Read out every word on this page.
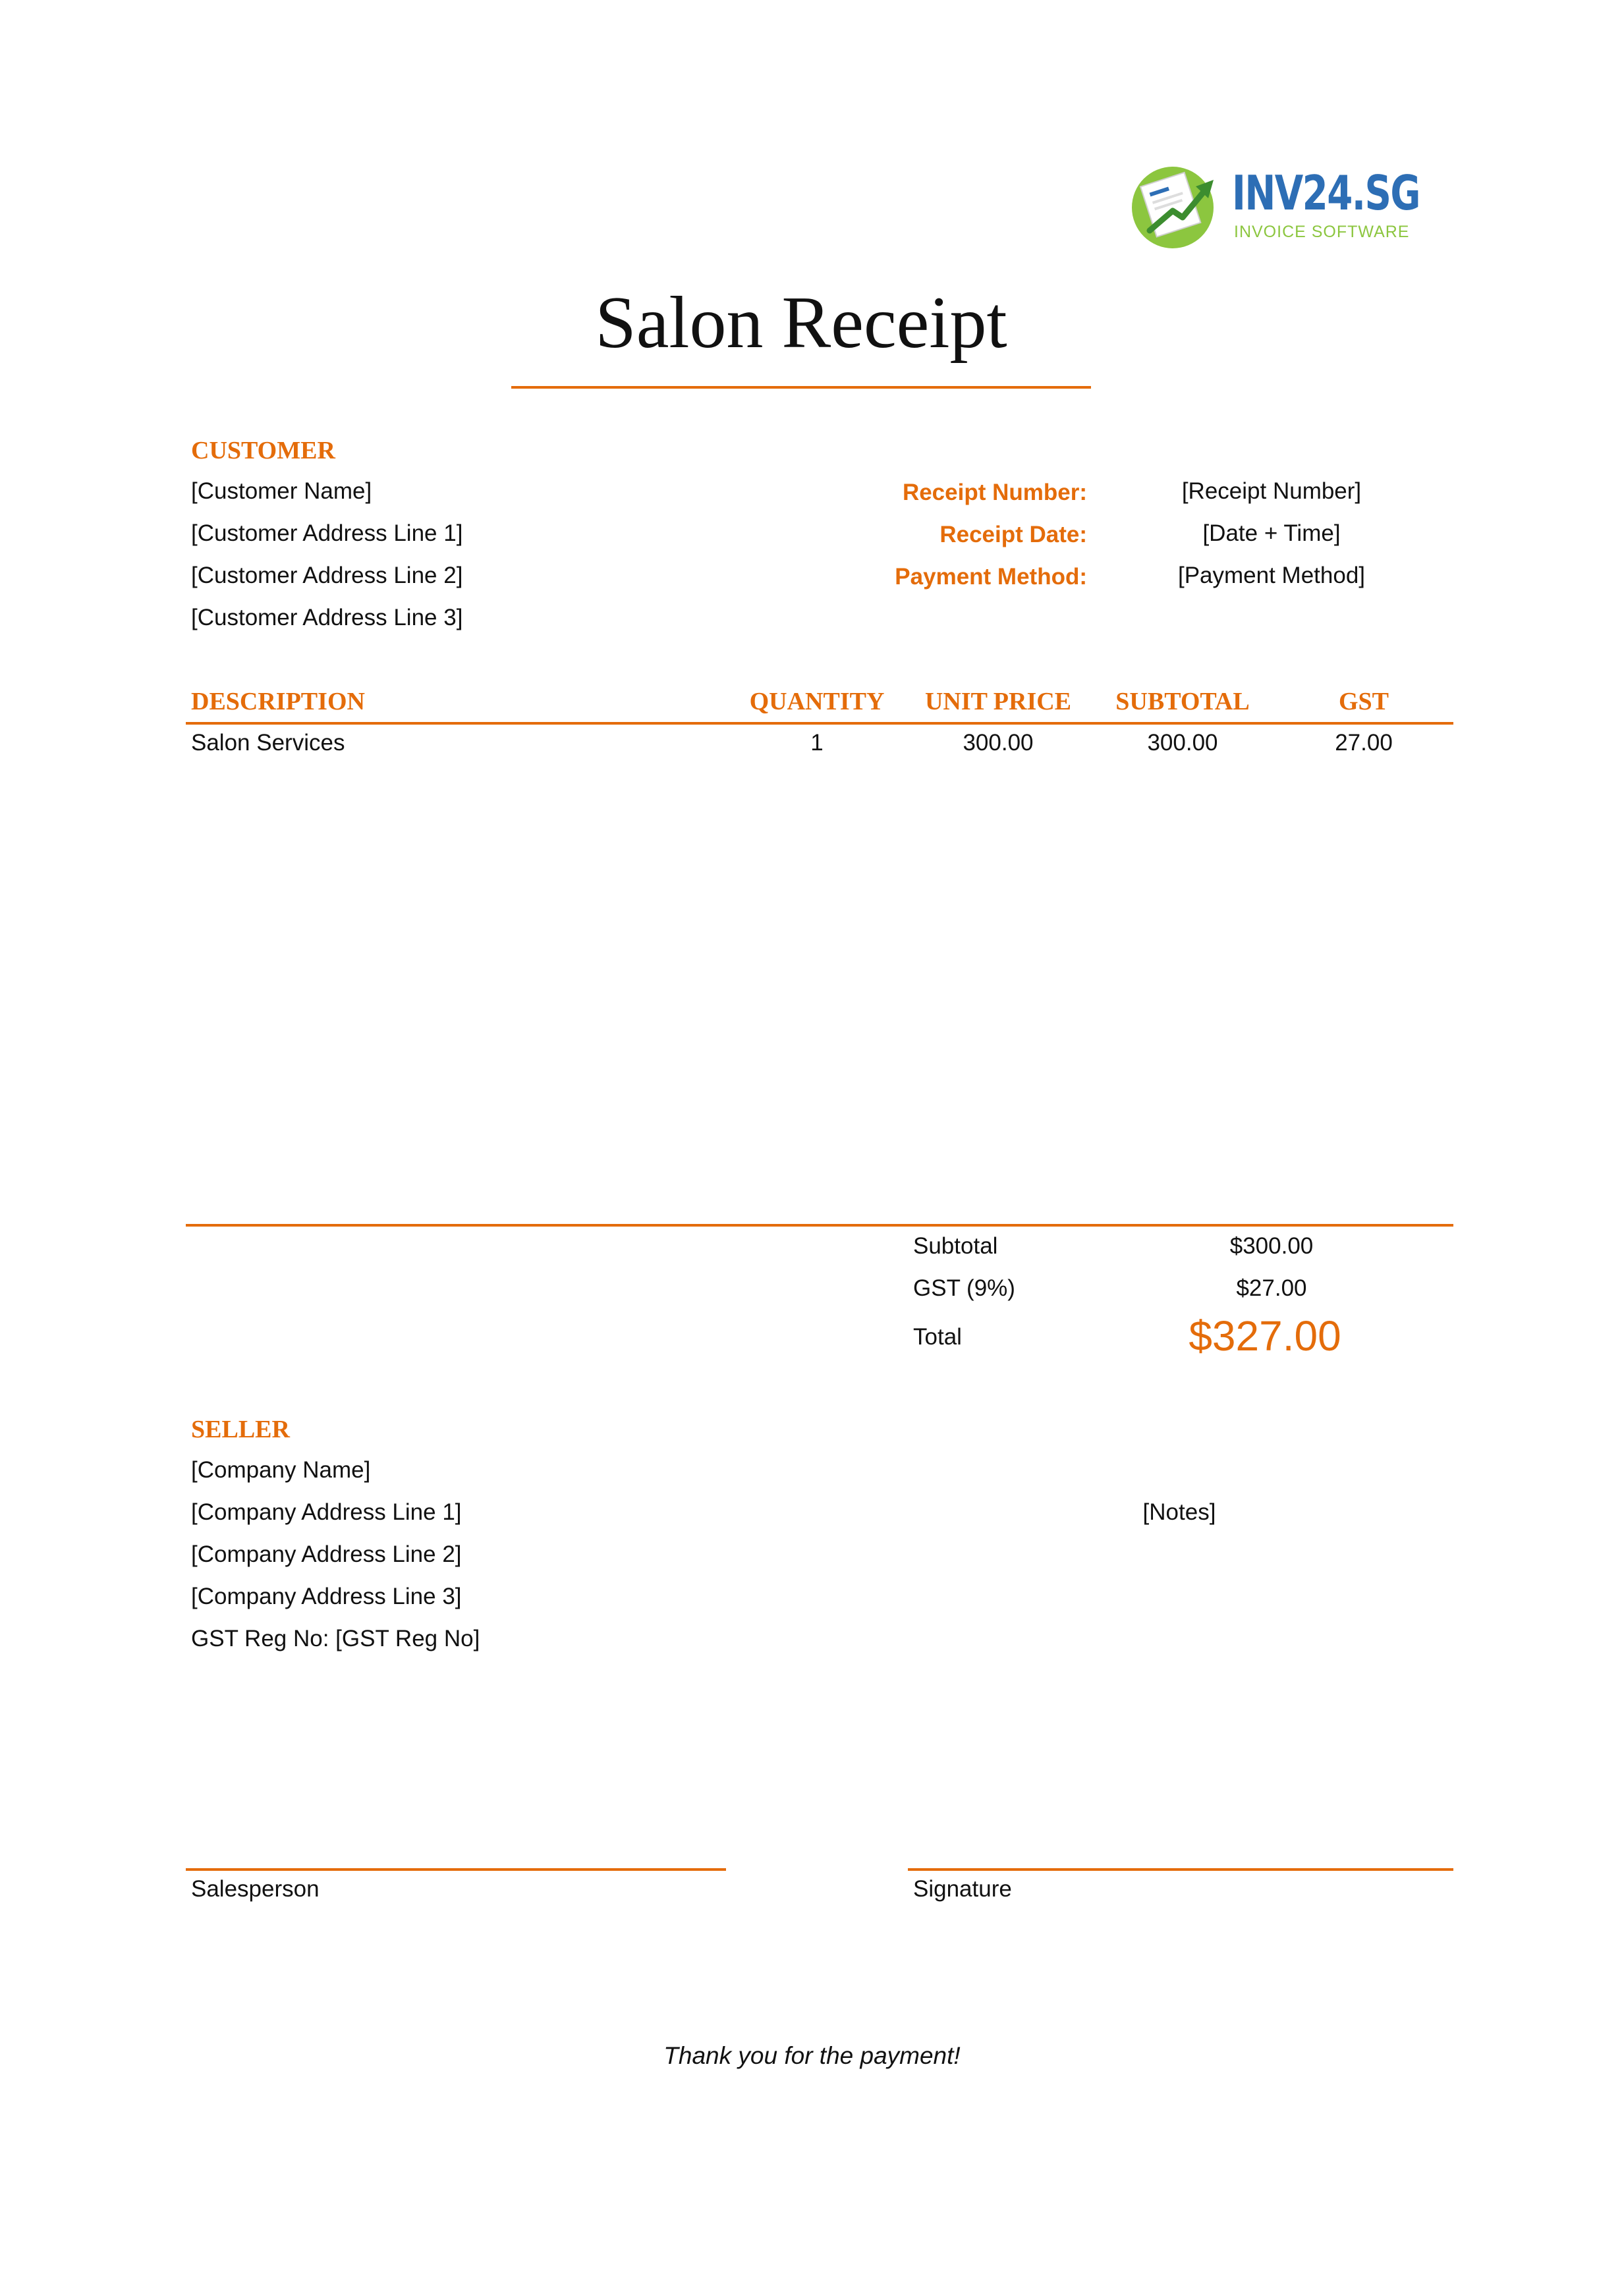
INV24.SG
INVOICE SOFTWARE
Salon Receipt
CUSTOMER
[Customer Name]
[Customer Address Line 1]
[Customer Address Line 2]
[Customer Address Line 3]
Receipt Number:	[Receipt Number]
Receipt Date:	[Date + Time]
Payment Method:	[Payment Method]
DESCRIPTION	QUANTITY	UNIT PRICE	SUBTOTAL	GST
Salon Services	1	300.00	300.00	27.00
Subtotal	$300.00
GST (9%)	$27.00
Total	$327.00
SELLER
[Company Name]
[Company Address Line 1]
[Company Address Line 2]
[Company Address Line 3]
GST Reg No: [GST Reg No]
[Notes]
Salesperson	Signature
Thank you for the payment!
